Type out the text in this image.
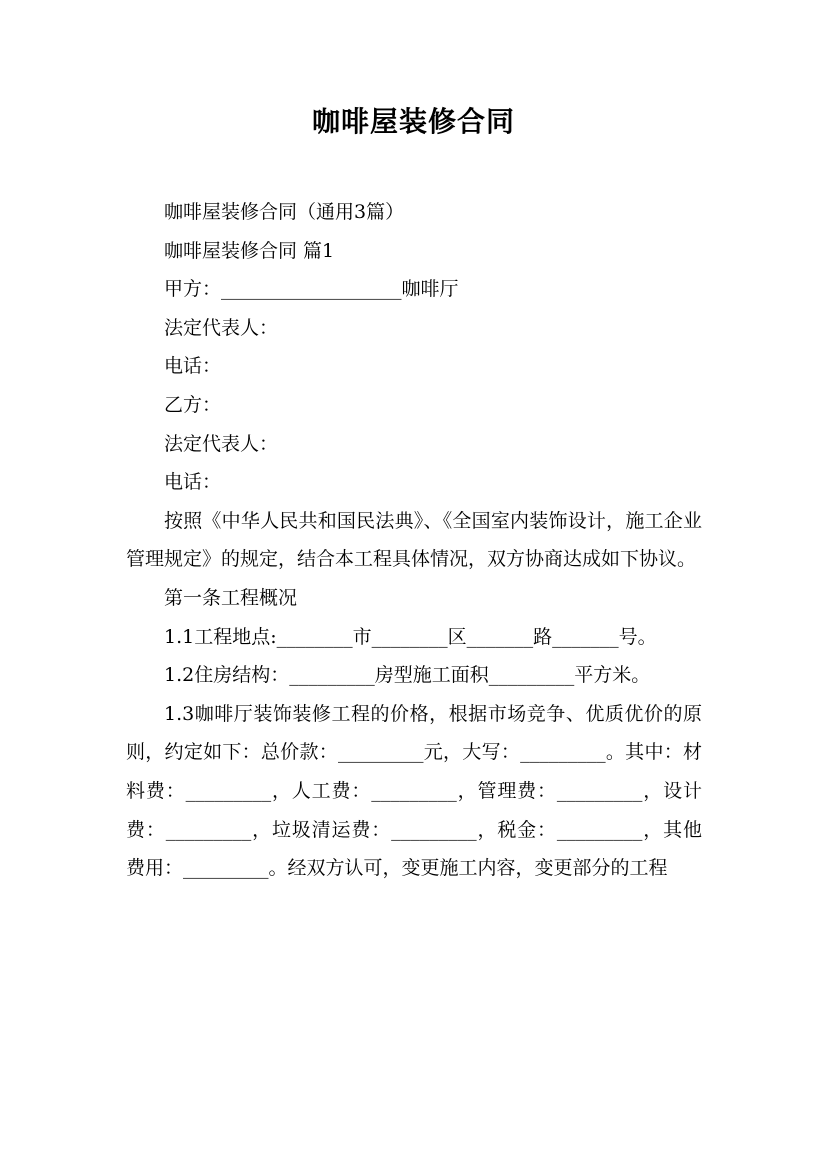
咖啡屋装修合同

咖啡屋装修合同（通用3篇）

咖啡屋装修合同 篇1

甲方：___________________咖啡厅

法定代表人：

电话：

乙方：

法定代表人：

电话：

按照《中华人民共和国民法典》、《全国室内装饰设计，施工企业管理规定》的规定，结合本工程具体情况，双方协商达成如下协议。

第一条工程概况

1.1工程地点:________市________区_______路_______号。

1.2住房结构：_________房型施工面积_________平方米。

1.3咖啡厅装饰装修工程的价格，根据市场竞争、优质优价的原则，约定如下：总价款：_________元，大写：_________。其中：材料费：_________，人工费：_________，管理费：_________，设计费：_________，垃圾清运费：_________，税金：_________，其他费用：_________。经双方认可，变更施工内容，变更部分的工程
